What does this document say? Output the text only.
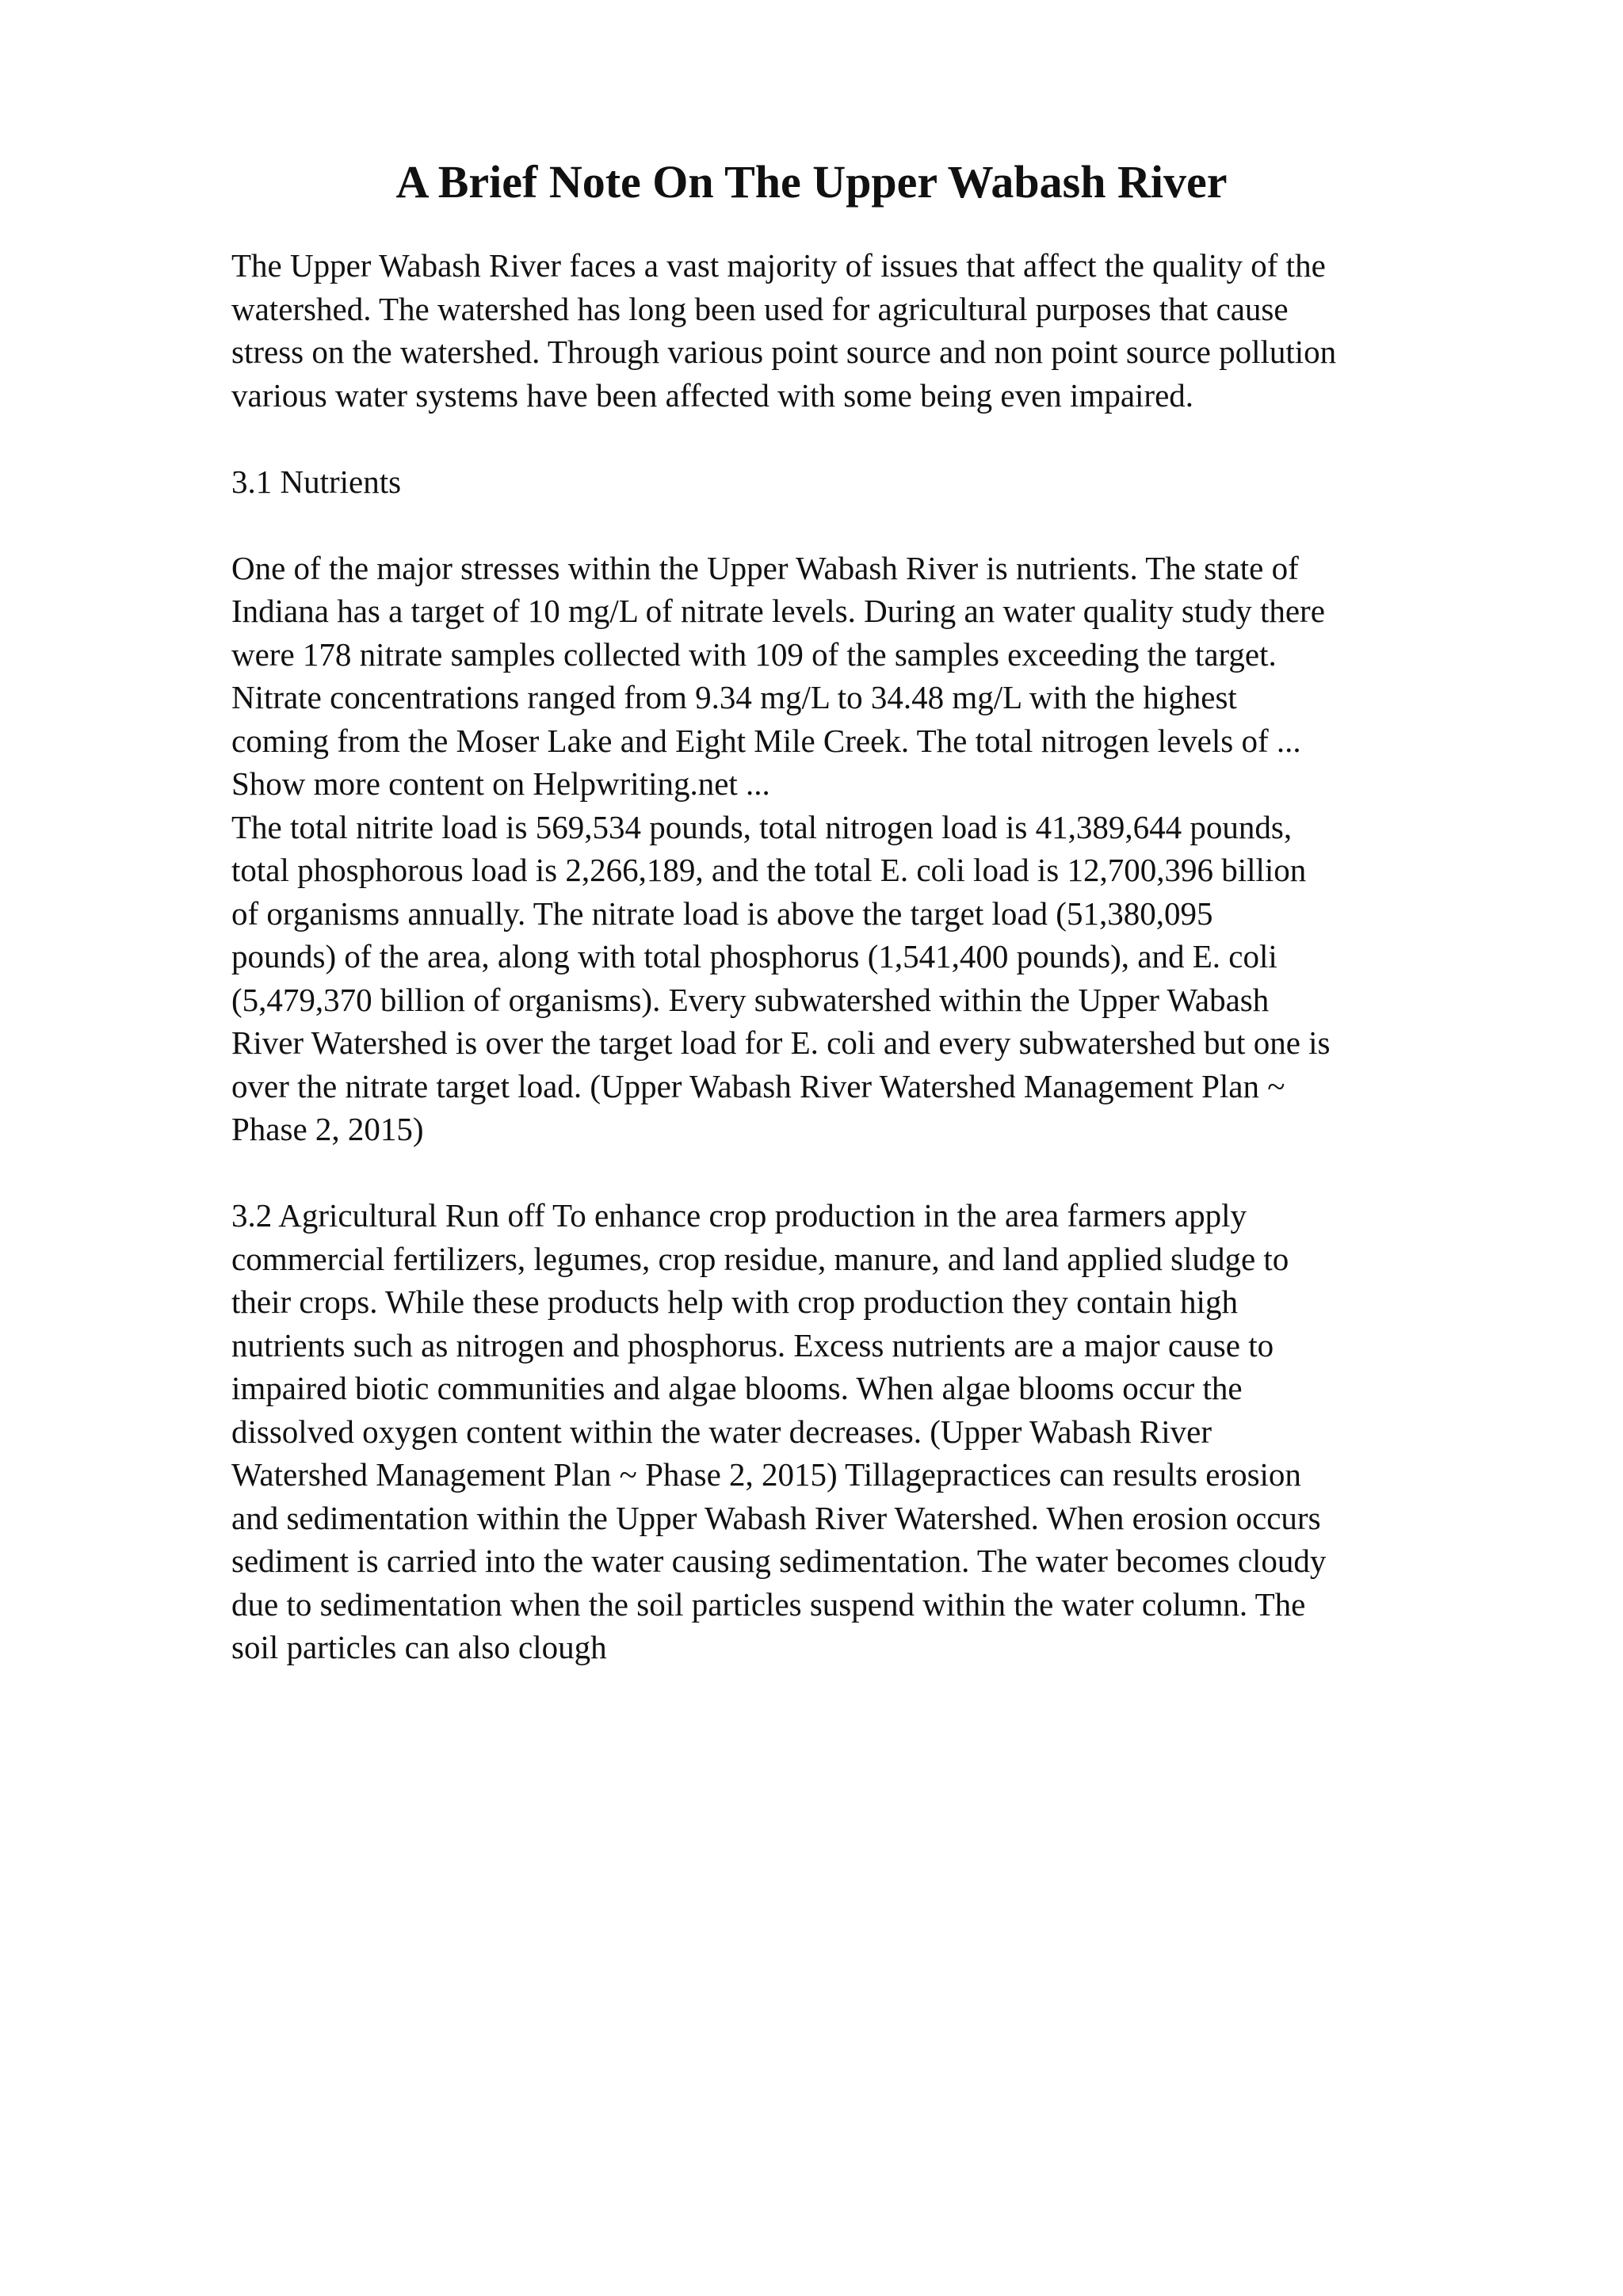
A Brief Note On The Upper Wabash River

The Upper Wabash River faces a vast majority of issues that affect the quality of the

watershed. The watershed has long been used for agricultural purposes that cause

stress on the watershed. Through various point source and non point source pollution

various water systems have been affected with some being even impaired.

3.1 Nutrients

One of the major stresses within the Upper Wabash River is nutrients. The state of

Indiana has a target of 10 mg/L of nitrate levels. During an water quality study there

were 178 nitrate samples collected with 109 of the samples exceeding the target.

Nitrate concentrations ranged from 9.34 mg/L to 34.48 mg/L with the highest

coming from the Moser Lake and Eight Mile Creek. The total nitrogen levels of ...

Show more content on Helpwriting.net ...

The total nitrite load is 569,534 pounds, total nitrogen load is 41,389,644 pounds,

total phosphorous load is 2,266,189, and the total E. coli load is 12,700,396 billion

of organisms annually. The nitrate load is above the target load (51,380,095

pounds) of the area, along with total phosphorus (1,541,400 pounds), and E. coli

(5,479,370 billion of organisms). Every subwatershed within the Upper Wabash

River Watershed is over the target load for E. coli and every subwatershed but one is

over the nitrate target load. (Upper Wabash River Watershed Management Plan ~

Phase 2, 2015)

3.2 Agricultural Run off To enhance crop production in the area farmers apply

commercial fertilizers, legumes, crop residue, manure, and land applied sludge to

their crops. While these products help with crop production they contain high

nutrients such as nitrogen and phosphorus. Excess nutrients are a major cause to

impaired biotic communities and algae blooms. When algae blooms occur the

dissolved oxygen content within the water decreases. (Upper Wabash River

Watershed Management Plan ~ Phase 2, 2015) Tillagepractices can results erosion

and sedimentation within the Upper Wabash River Watershed. When erosion occurs

sediment is carried into the water causing sedimentation. The water becomes cloudy

due to sedimentation when the soil particles suspend within the water column. The

soil particles can also clough
